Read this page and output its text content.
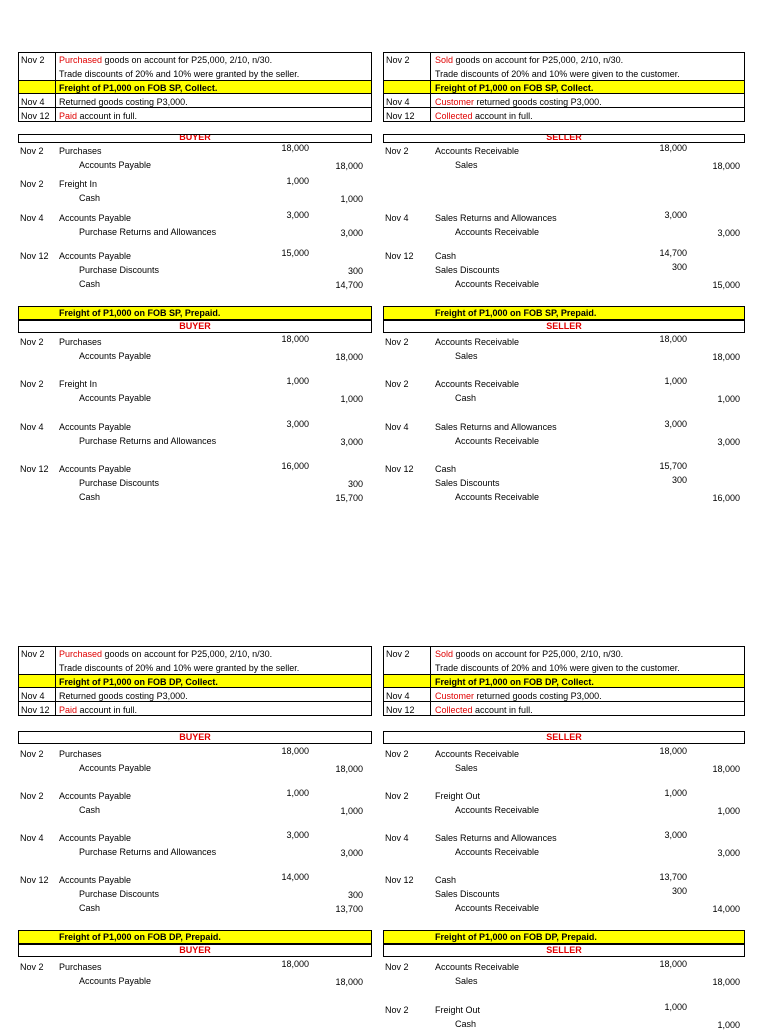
Nov 2 Purchased goods on account for P25,000, 2/10, n/30.
Trade discounts of 20% and 10% were granted by the seller.
Freight of P1,000 on FOB SP, Collect.
Nov 4 Returned goods costing P3,000.
Nov 12 Paid account in full.
Nov 2	Sold goods on account for P25,000, 2/10, n/30.
Trade discounts of 20% and 10% were given to the customer.
Freight of P1,000 on FOB SP, Collect.
Nov 4	Customer returned goods costing P3,000.
Nov 12 Collected account in full.
BUYER	SELLER
Nov 2 Purchases	18,000
Accounts Payable	18,000
Nov 2 Freight In	1,000
Cash	1,000
Nov 4 Accounts Payable	3,000
Purchase Returns and Allowances	3,000
Nov 12 Accounts Payable	15,000
Purchase Discounts	300
Cash	14,700
Nov 2	Accounts Receivable	18,000
Sales	18,000
Nov 4	Sales Returns and Allowances	3,000
Accounts Receivable	3,000
Nov 12 Cash	14,700
Sales Discounts	300
Accounts Receivable	15,000
Freight of P1,000 on FOB SP, Prepaid.
BUYER
Freight of P1,000 on FOB SP, Prepaid.
SELLER
Nov 2 Purchases	18,000
Accounts Payable	18,000
Nov 2 Freight In	1,000
Accounts Payable	1,000
Nov 4 Accounts Payable	3,000
Purchase Returns and Allowances	3,000
Nov 12 Accounts Payable	16,000
Purchase Discounts	300
Cash	15,700
Nov 2	Accounts Receivable	18,000
Sales	18,000
Nov 2	Accounts Receivable	1,000
Cash	1,000
Nov 4	Sales Returns and Allowances	3,000
Accounts Receivable	3,000
Nov 12 Cash	15,700
Sales Discounts	300
Accounts Receivable	16,000
Nov 2 Purchased goods on account for P25,000, 2/10, n/30.
Trade discounts of 20% and 10% were granted by the seller.
Freight of P1,000 on FOB DP, Collect.
Nov 4 Returned goods costing P3,000.
Nov 12 Paid account in full.
Nov 2	Sold goods on account for P25,000, 2/10, n/30.
Trade discounts of 20% and 10% were given to the customer.
Freight of P1,000 on FOB DP, Collect.
Nov 4	Customer returned goods costing P3,000.
Nov 12 Collected account in full.
BUYER	SELLER
Nov 2 Purchases	18,000
Accounts Payable	18,000
Nov 2 Accounts Payable	1,000
Cash	1,000
Nov 4 Accounts Payable	3,000
Purchase Returns and Allowances	3,000
Nov 12 Accounts Payable	14,000
Purchase Discounts	300
Cash	13,700
Nov 2	Accounts Receivable	18,000
Sales	18,000
Nov 2	Freight Out	1,000
Accounts Receivable	1,000
Nov 4	Sales Returns and Allowances	3,000
Accounts Receivable	3,000
Nov 12 Cash	13,700
Sales Discounts	300
Accounts Receivable	14,000
Freight of P1,000 on FOB DP, Prepaid.
BUYER
Freight of P1,000 on FOB DP, Prepaid.
SELLER
Nov 2 Purchases	18,000
Accounts Payable	18,000
Nov 2	Accounts Receivable	18,000
Sales	18,000
Nov 2	Freight Out	1,000
Cash	1,000
